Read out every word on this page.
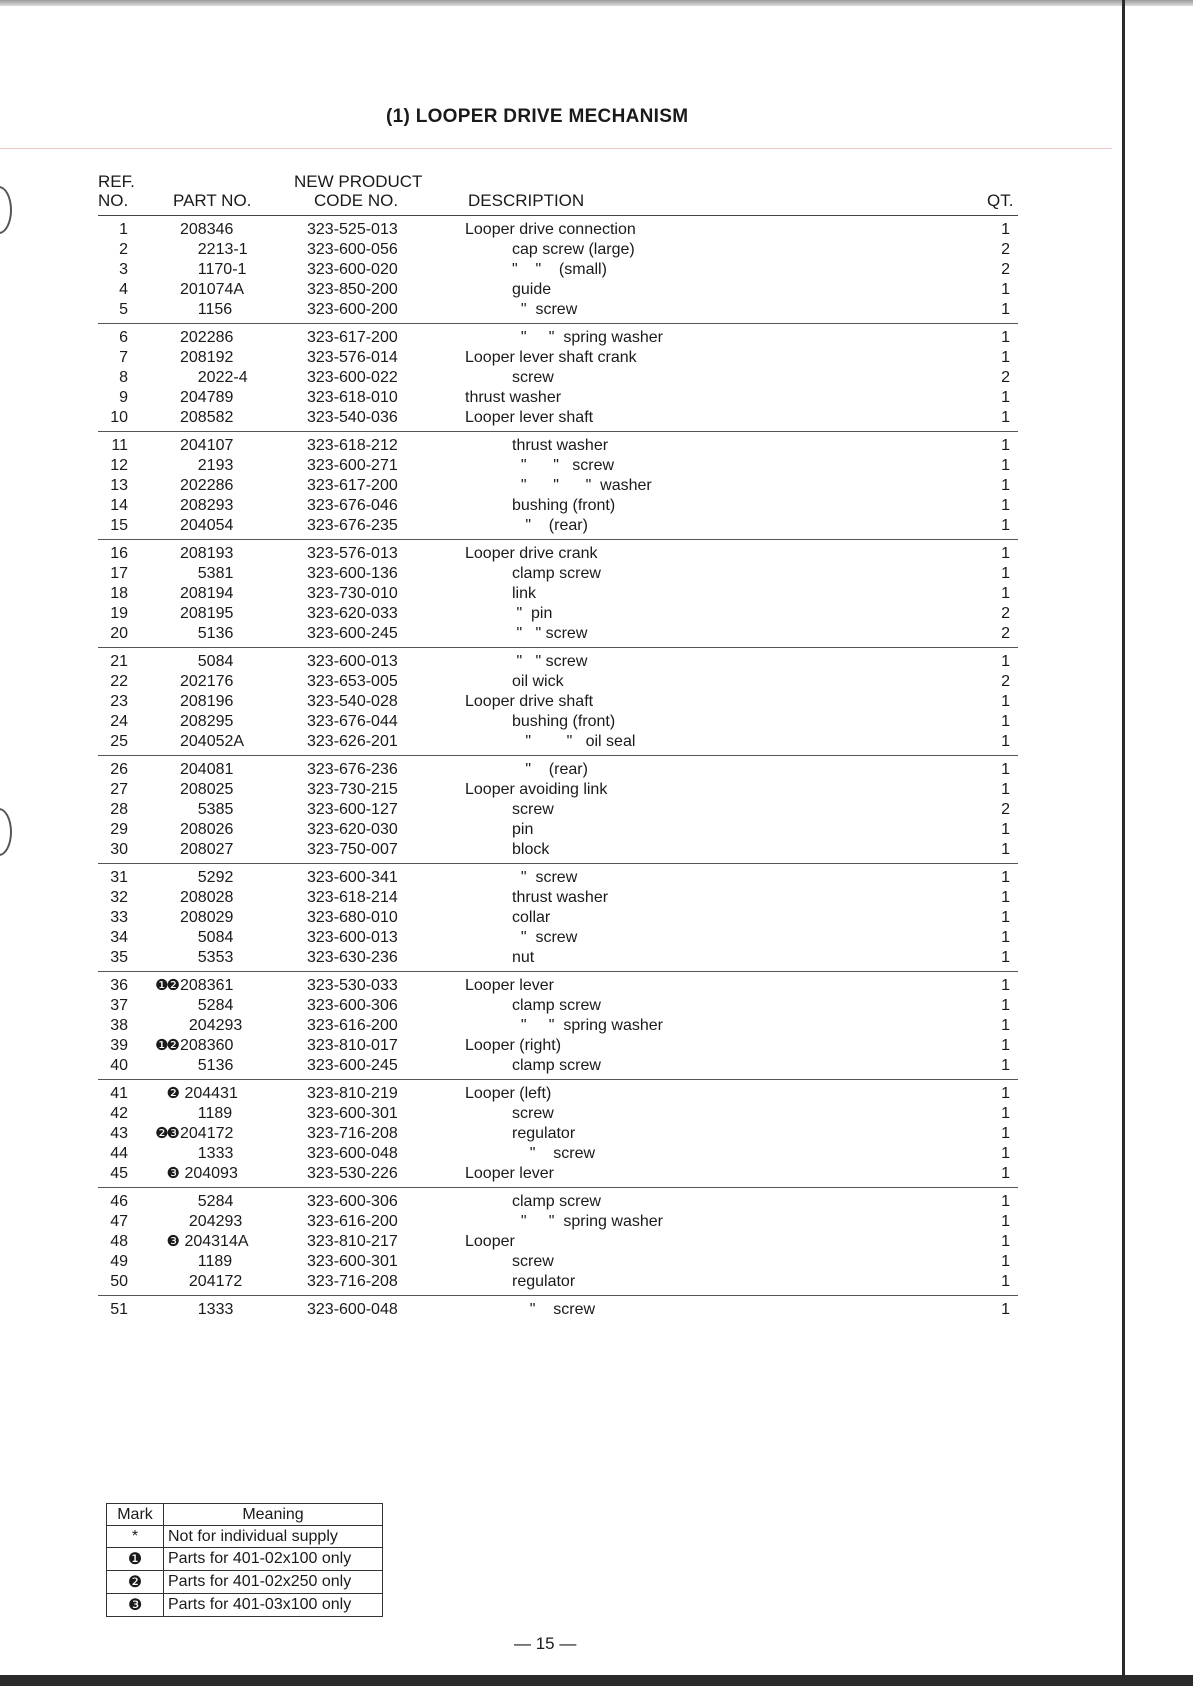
(1) LOOPER DRIVE MECHANISM
REF.
NO.	PART NO.
NEW PRODUCT
CODE NO.	DESCRIPTION	QT.
1	208346	323-525-013	Looper drive connection	1
2	2213-1	323-600-056	cap screw (large)	2
3	1170-1	323-600-020	"    "    (small)	2
4	201074A	323-850-200	guide	1
5	1156	323-600-200	"  screw	1
6	202286	323-617-200	"     "  spring washer	1
7	208192	323-576-014	Looper lever shaft crank	1
8	2022-4	323-600-022	screw	2
9	204789	323-618-010	thrust washer	1
10	208582	323-540-036	Looper lever shaft	1
11	204107	323-618-212	thrust washer	1
12	2193	323-600-271	"      "   screw	1
13	202286	323-617-200	"      "      "  washer	1
14	208293	323-676-046	bushing (front)	1
15	204054	323-676-235	"    (rear)	1
16	208193	323-576-013	Looper drive crank	1
17	5381	323-600-136	clamp screw	1
18	208194	323-730-010	link	1
19	208195	323-620-033	"  pin	2
20	5136	323-600-245	"   " screw	2
21	5084	323-600-013	"   " screw	1
22	202176	323-653-005	oil wick	2
23	208196	323-540-028	Looper drive shaft	1
24	208295	323-676-044	bushing (front)	1
25	204052A	323-626-201	"        "   oil seal	1
26	204081	323-676-236	"    (rear)	1
27	208025	323-730-215	Looper avoiding link	1
28	5385	323-600-127	screw	2
29	208026	323-620-030	pin	1
30	208027	323-750-007	block	1
31	5292	323-600-341	"  screw	1
32	208028	323-618-214	thrust washer	1
33	208029	323-680-010	collar	1
34	5084	323-600-013	"  screw	1
35	5353	323-630-236	nut	1
36	❶❷ 208361	323-530-033	Looper lever	1
37	5284	323-600-306	clamp screw	1
38	204293	323-616-200	"     "  spring washer	1
39	❶❷ 208360	323-810-017	Looper (right)	1
40	5136	323-600-245	clamp screw	1
41	❷ 204431	323-810-219	Looper (left)	1
42	1189	323-600-301	screw	1
43	❷❸ 204172	323-716-208	regulator	1
44	1333	323-600-048	"    screw	1
45	❸ 204093	323-530-226	Looper lever	1
46	5284	323-600-306	clamp screw	1
47	204293	323-616-200	"     "  spring washer	1
48	❸ 204314A	323-810-217	Looper	1
49	1189	323-600-301	screw	1
50	204172	323-716-208	regulator	1
51	1333	323-600-048	"    screw	1
Mark	Meaning
*	Not for individual supply
❶	Parts for 401-02x100 only
❷	Parts for 401-02x250 only
❸	Parts for 401-03x100 only
— 15 —
